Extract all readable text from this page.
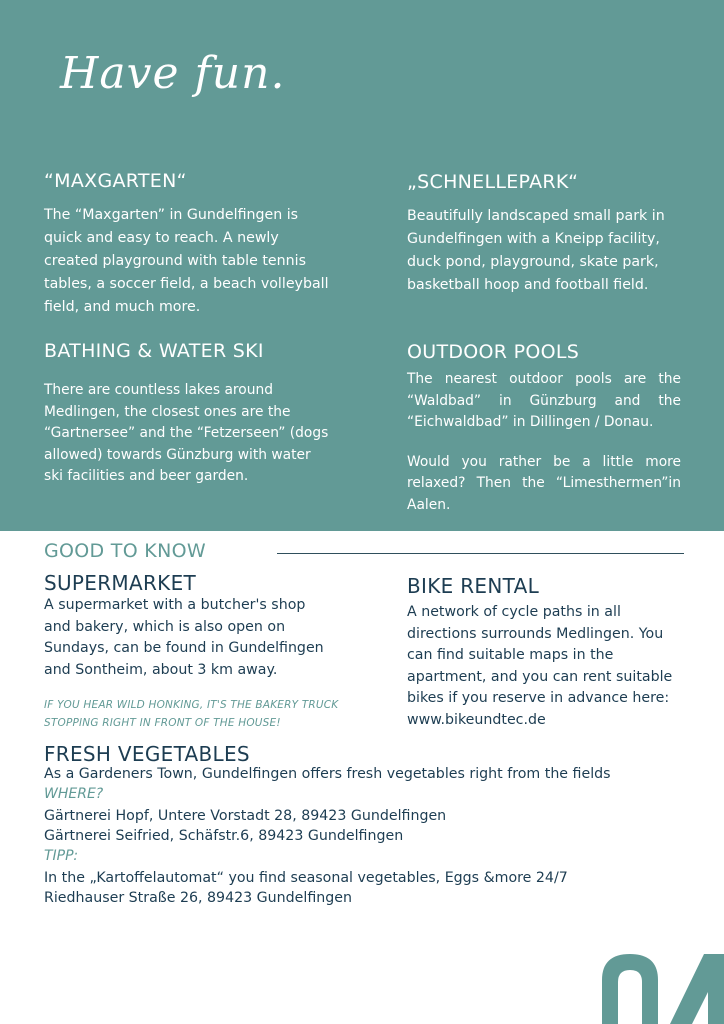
Have fun.
“MAXGARTEN“
The “Maxgarten” in Gundelfingen is quick and easy to reach. A newly created playground with table tennis tables, a soccer field, a beach volleyball field, and much more.
„SCHNELLEPARK“
Beautifully landscaped small park in Gundelfingen with a Kneipp facility, duck pond, playground, skate park, basketball hoop and football field.
BATHING & WATER SKI
There are countless lakes around Medlingen, the closest ones are the “Gartnersee” and the “Fetzerseen” (dogs allowed) towards Günzburg with water ski facilities and beer garden.
OUTDOOR POOLS
The nearest outdoor pools are the “Waldbad” in Günzburg and the “Eichwaldbad” in Dillingen / Donau.
Would you rather be a little more relaxed? Then the “Limesthermen”in Aalen.
GOOD TO KNOW
SUPERMARKET
A supermarket with a butcher's shop and bakery, which is also open on Sundays, can be found in Gundelfingen and Sontheim, about 3 km away.
IF YOU HEAR WILD HONKING, IT'S THE BAKERY TRUCK
STOPPING RIGHT IN FRONT OF THE HOUSE!
BIKE RENTAL
A network of cycle paths in all directions surrounds Medlingen. You can find suitable maps in the apartment, and you can rent suitable bikes if you reserve in advance here: www.bikeundtec.de
FRESH VEGETABLES
As a Gardeners Town, Gundelfingen offers fresh vegetables right from the fields
WHERE?
Gärtnerei Hopf, Untere Vorstadt 28, 89423 Gundelfingen
Gärtnerei Seifried, Schäfstr.6, 89423 Gundelfingen
TIPP:
In the „Kartoffelautomat“ you find seasonal vegetables, Eggs &more 24/7
Riedhauser Straße 26, 89423 Gundelfingen
